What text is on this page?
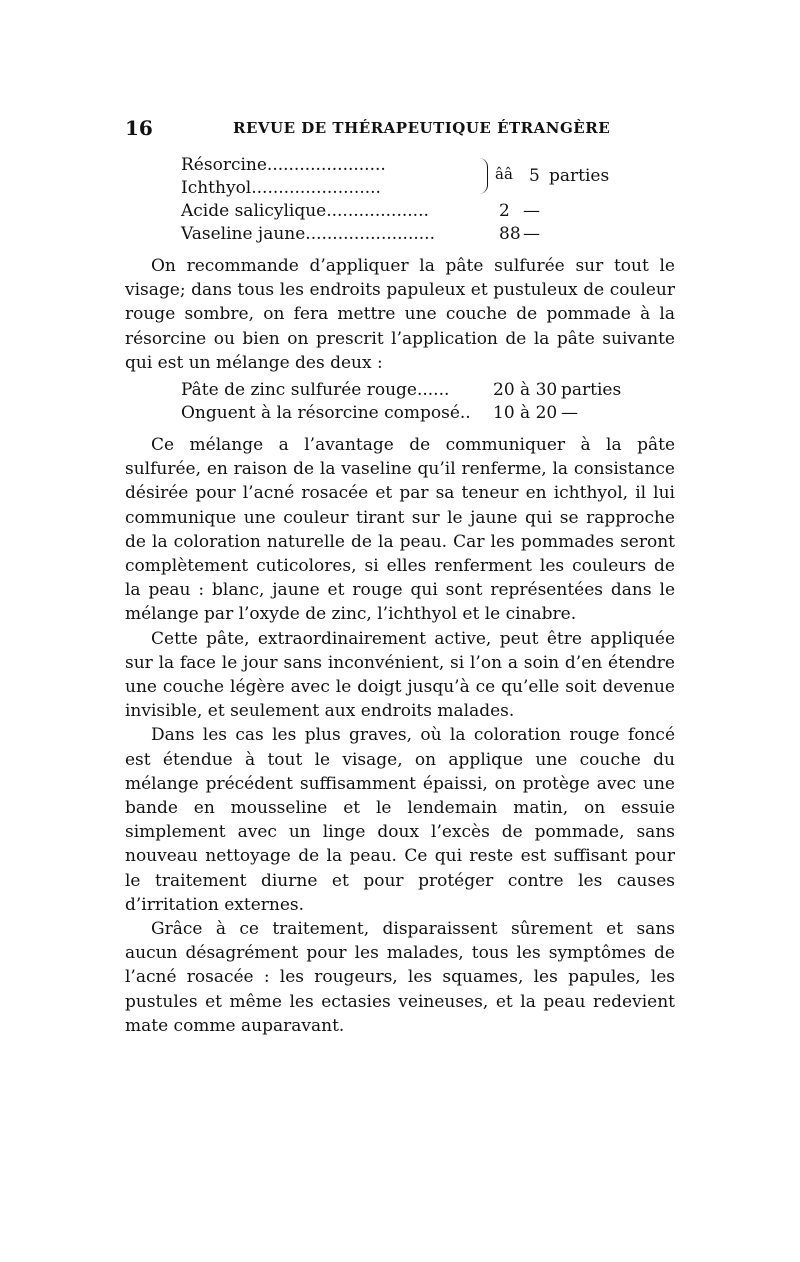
16	REVUE DE THÉRAPEUTIQUE ÉTRANGÈRE
Résorcine......................
Ichthyol........................
ââ 5 parties
Acide salicylique...................	2 —
Vaseline jaune........................	88 —

On recommande d’appliquer la pâte sulfurée sur tout le visage; dans tous les endroits papuleux et pustuleux de couleur rouge sombre, on fera mettre une couche de pommade à la résorcine ou bien on prescrit l’application de la pâte suivante qui est un mélange des deux :

Pâte de zinc sulfurée rouge......	20 à 30 parties
Onguent à la résorcine composé.. 10 à 20 —

Ce mélange a l’avantage de communiquer à la pâte sulfurée, en raison de la vaseline qu’il renferme, la consistance désirée pour l’acné rosacée et par sa teneur en ichthyol, il lui communique une couleur tirant sur le jaune qui se rapproche de la coloration naturelle de la peau. Car les pommades seront complètement cuticolores, si elles renferment les couleurs de la peau : blanc, jaune et rouge qui sont représentées dans le mélange par l’oxyde de zinc, l’ichthyol et le cinabre.

Cette pâte, extraordinairement active, peut être appliquée sur la face le jour sans inconvénient, si l’on a soin d’en étendre une couche légère avec le doigt jusqu’à ce qu’elle soit devenue invisible, et seulement aux endroits malades.

Dans les cas les plus graves, où la coloration rouge foncé est étendue à tout le visage, on applique une couche du mélange précédent suffisamment épaissi, on protège avec une bande en mousseline et le lendemain matin, on essuie simplement avec un linge doux l’excès de pommade, sans nouveau nettoyage de la peau. Ce qui reste est suffisant pour le traitement diurne et pour protéger contre les causes d’irritation externes.

Grâce à ce traitement, disparaissent sûrement et sans aucun désagrément pour les malades, tous les symptômes de l’acné rosacée : les rougeurs, les squames, les papules, les pustules et même les ectasies veineuses, et la peau redevient mate comme auparavant.
